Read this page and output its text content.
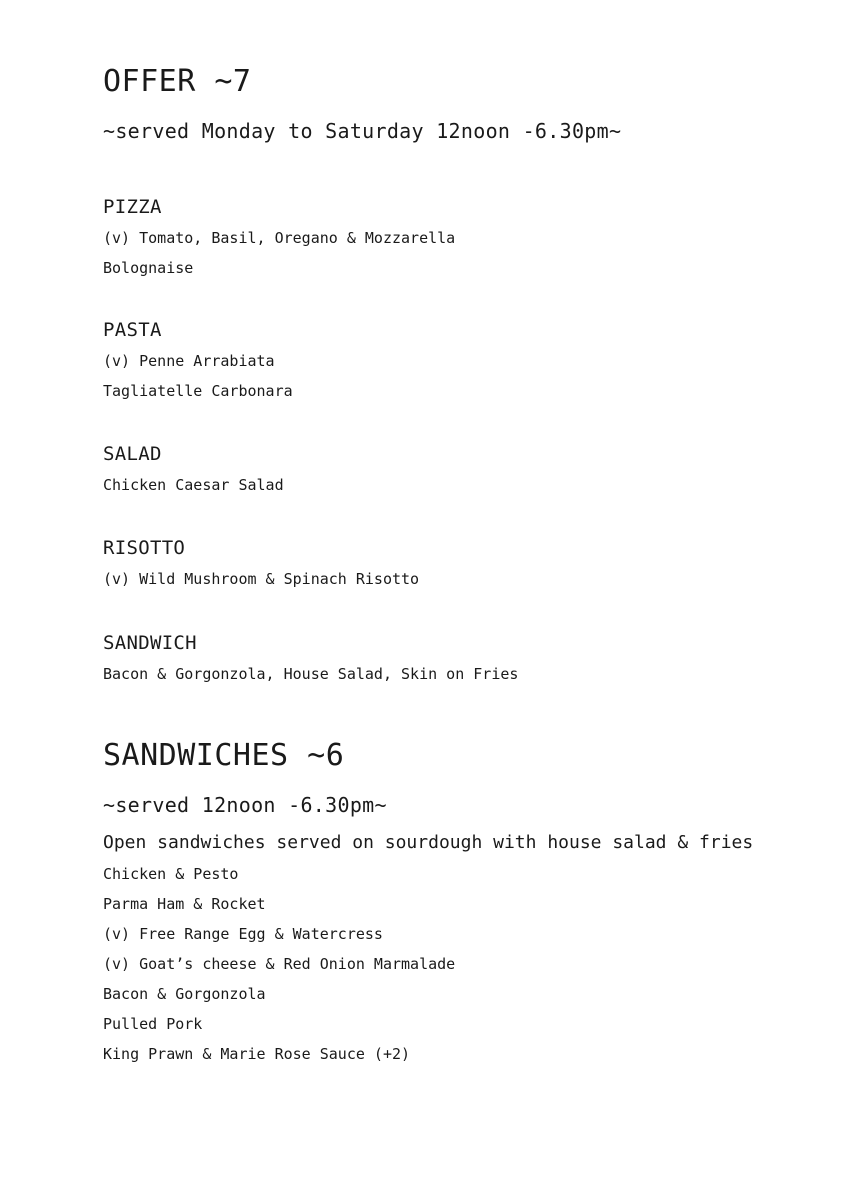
OFFER ~7

~served Monday to Saturday 12noon -6.30pm~

PIZZA

(v) Tomato, Basil, Oregano & Mozzarella

Bolognaise

PASTA

(v) Penne Arrabiata

Tagliatelle Carbonara

SALAD

Chicken Caesar Salad

RISOTTO

(v) Wild Mushroom & Spinach Risotto

SANDWICH

Bacon & Gorgonzola, House Salad, Skin on Fries

SANDWICHES ~6

~served 12noon -6.30pm~

Open sandwiches served on sourdough with house salad & fries

Chicken & Pesto

Parma Ham & Rocket

(v) Free Range Egg & Watercress

(v) Goat’s cheese & Red Onion Marmalade

Bacon & Gorgonzola

Pulled Pork

King Prawn & Marie Rose Sauce (+2)
